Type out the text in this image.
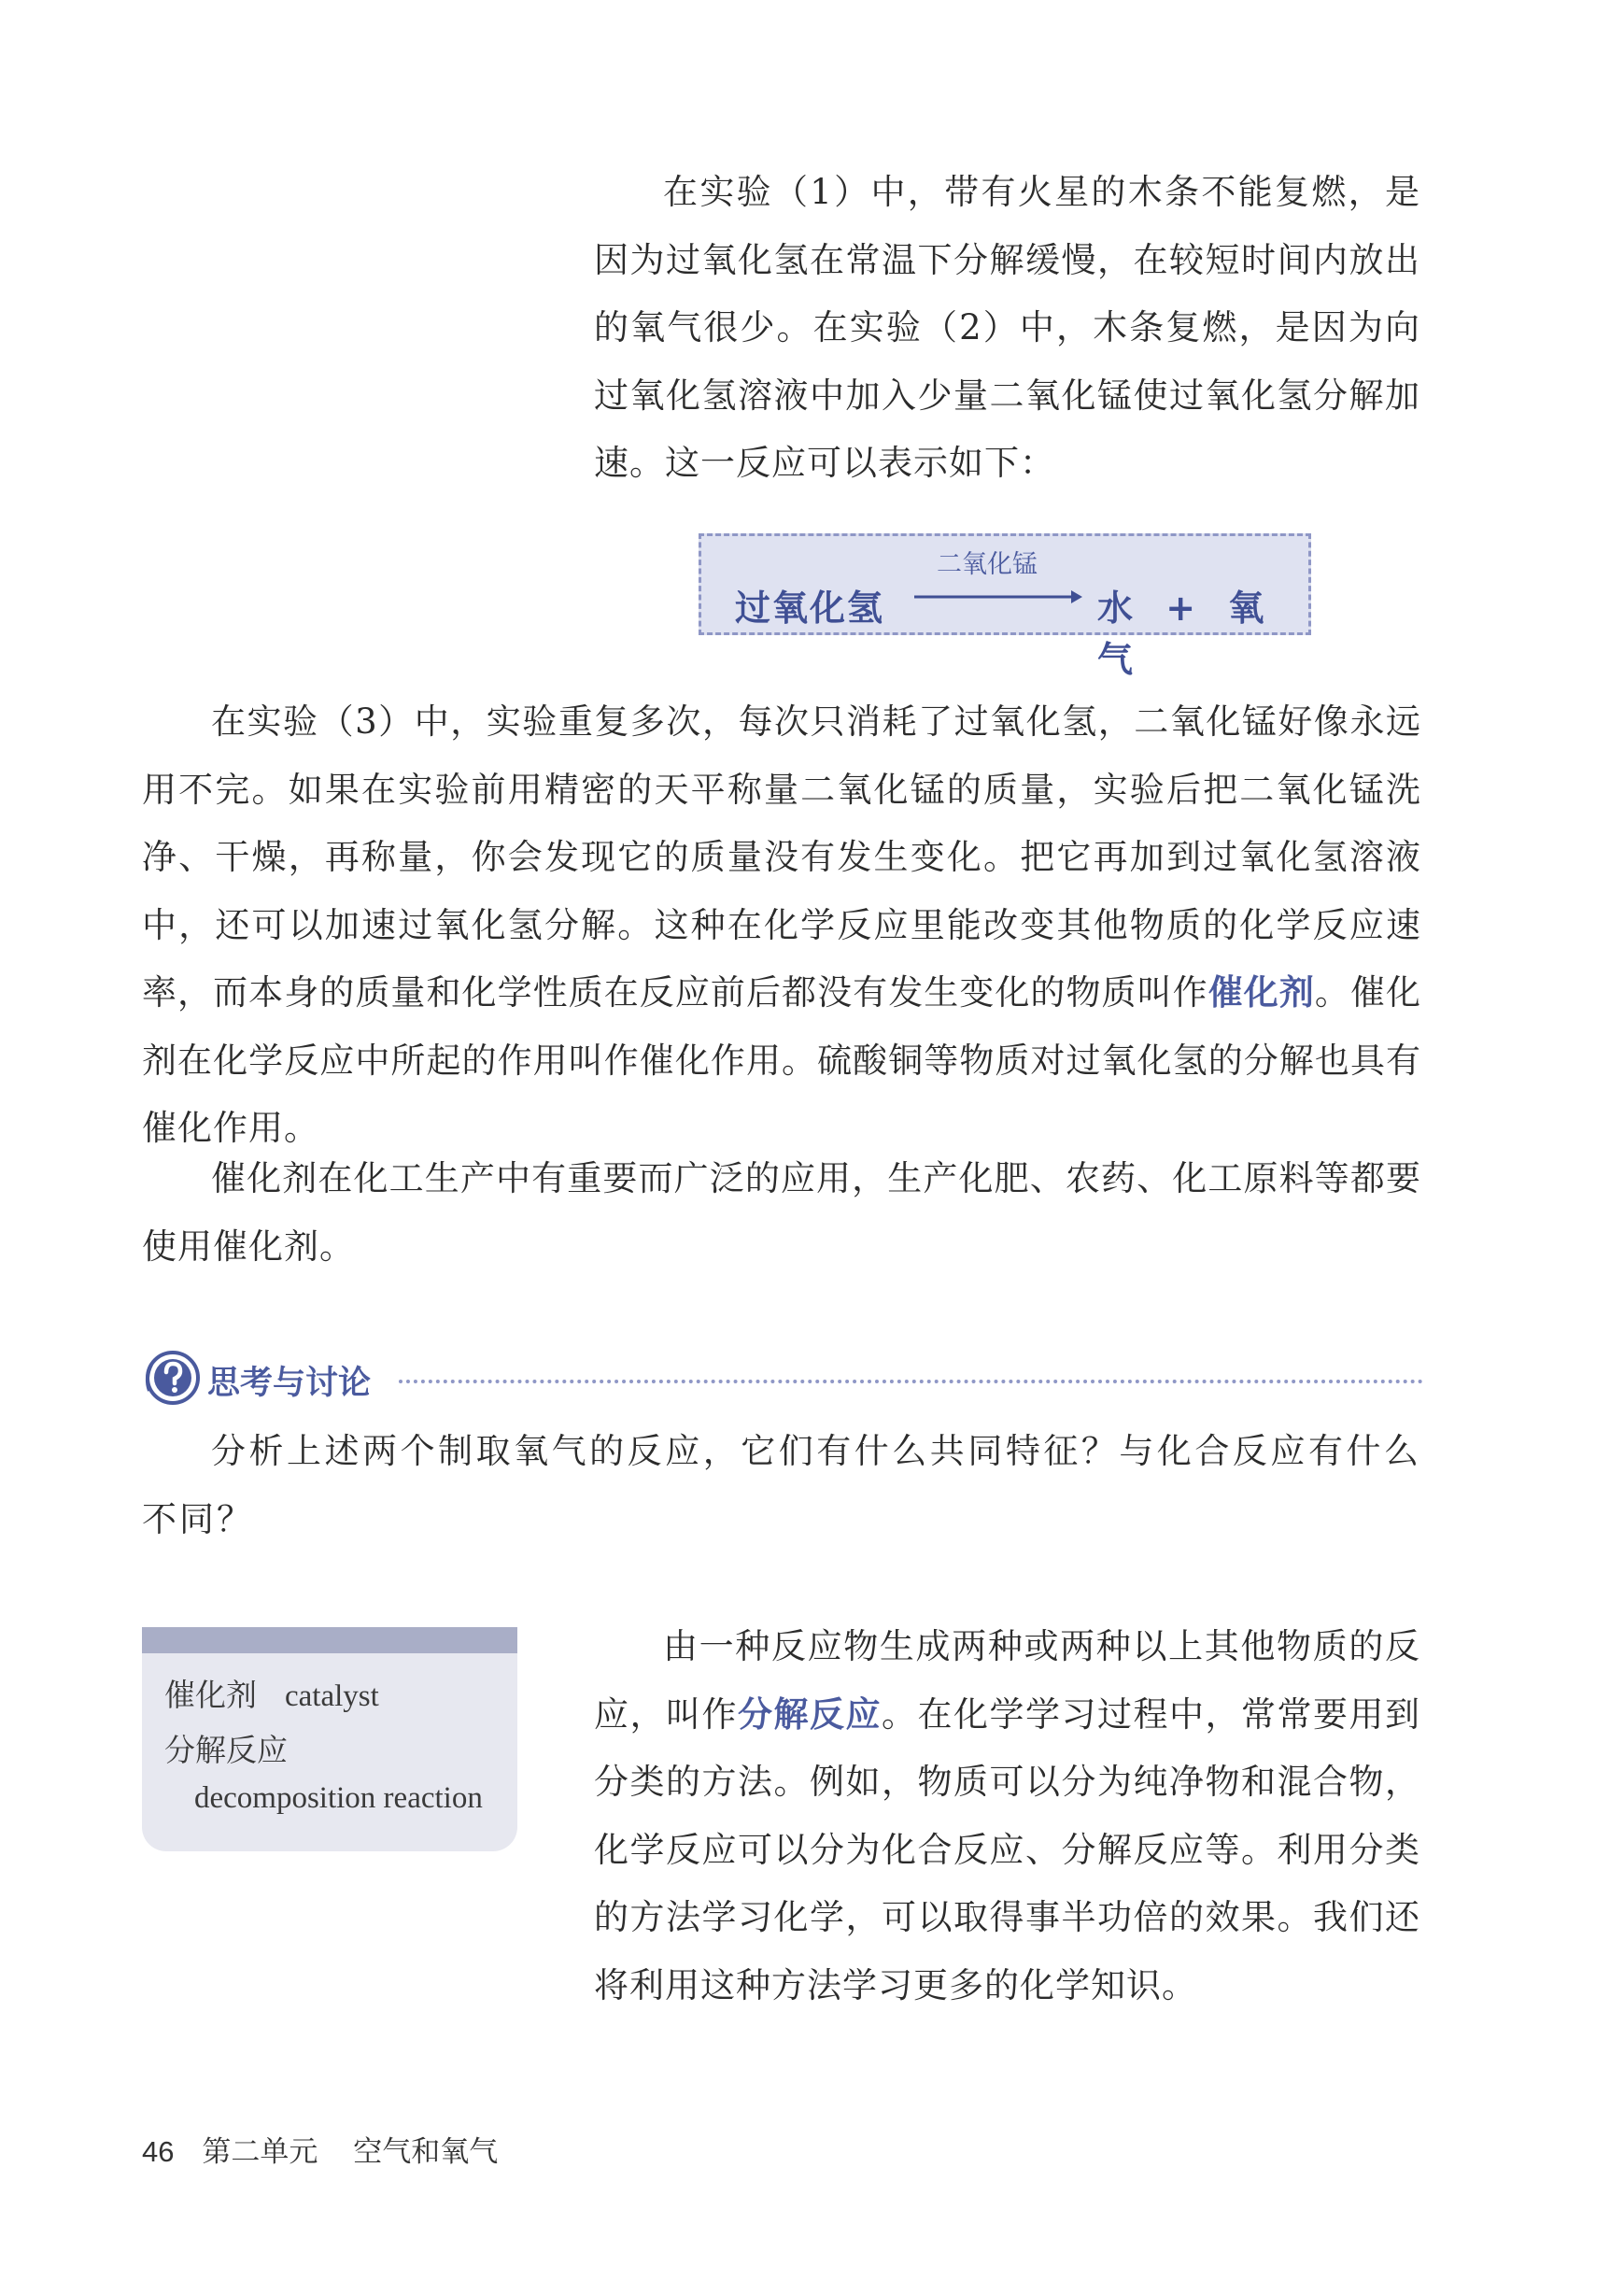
在实验（1）中，带有火星的木条不能复燃，是因为过氧化氢在常温下分解缓慢，在较短时间内放出的氧气很少。在实验（2）中，木条复燃，是因为向过氧化氢溶液中加入少量二氧化锰使过氧化氢分解加速。这一反应可以表示如下：

过氧化氢
二氧化锰
水 + 氧气

在实验（3）中，实验重复多次，每次只消耗了过氧化氢，二氧化锰好像永远用不完。如果在实验前用精密的天平称量二氧化锰的质量，实验后把二氧化锰洗净、干燥，再称量，你会发现它的质量没有发生变化。把它再加到过氧化氢溶液中，还可以加速过氧化氢分解。这种在化学反应里能改变其他物质的化学反应速率，而本身的质量和化学性质在反应前后都没有发生变化的物质叫作催化剂。催化剂在化学反应中所起的作用叫作催化作用。硫酸铜等物质对过氧化氢的分解也具有催化作用。

催化剂在化工生产中有重要而广泛的应用，生产化肥、农药、化工原料等都要使用催化剂。

思考与讨论

分析上述两个制取氧气的反应，它们有什么共同特征？与化合反应有什么不同？

催化剂 catalyst
分解反应
decomposition reaction

由一种反应物生成两种或两种以上其他物质的反应，叫作分解反应。在化学学习过程中，常常要用到分类的方法。例如，物质可以分为纯净物和混合物，化学反应可以分为化合反应、分解反应等。利用分类的方法学习化学，可以取得事半功倍的效果。我们还将利用这种方法学习更多的化学知识。

46 第二单元 空气和氧气
